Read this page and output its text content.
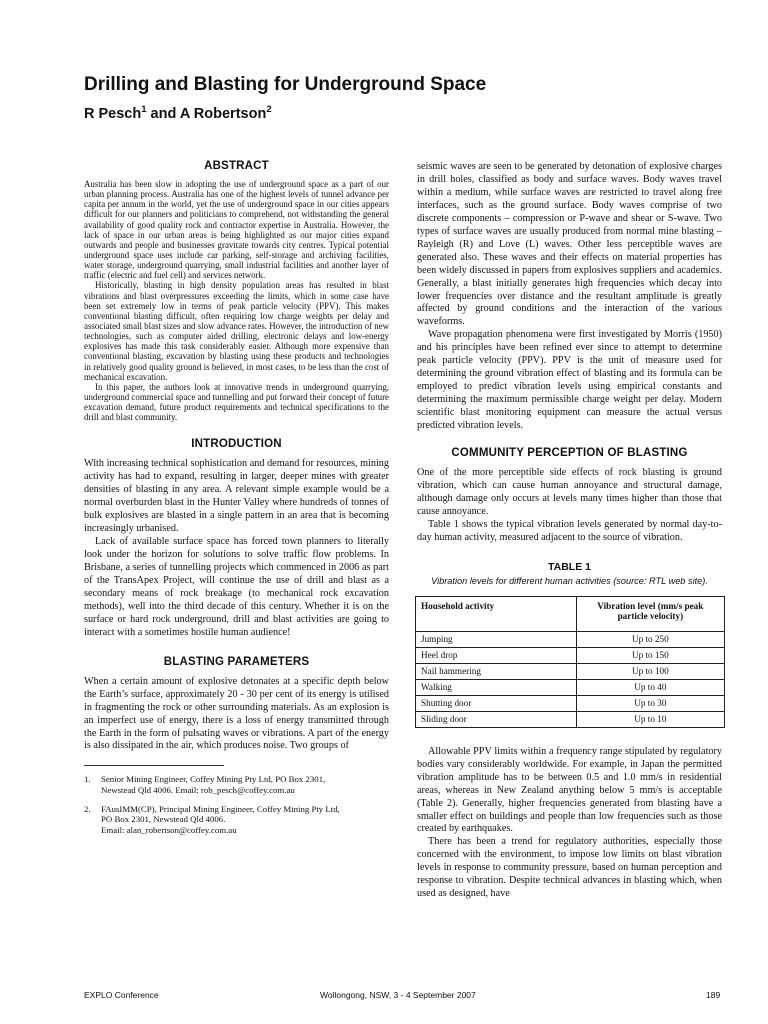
Drilling and Blasting for Underground Space
R Pesch$^1$ and A Robertson$^2$
ABSTRACT

Australia has been slow in adopting the use of underground space as a part of our urban planning process. Australia has one of the highest levels of tunnel advance per capita per annum in the world, yet the use of underground space in our cities appears difficult for our planners and politicians to comprehend, not withstanding the general availability of good quality rock and contractor expertise in Australia. However, the lack of space in our urban areas is being highlighted as our major cities expand outwards and people and businesses gravitate towards city centres. Typical potential underground space uses include car parking, self-storage and archiving facilities, water storage, underground quarrying, small industrial facilities and another layer of traffic (electric and fuel cell) and services network.

Historically, blasting in high density population areas has resulted in blast vibrations and blast overpressures exceeding the limits, which in some case have been set extremely low in terms of peak particle velocity (PPV). This makes conventional blasting difficult, often requiring low charge weights per delay and associated small blast sizes and slow advance rates. However, the introduction of new technologies, such as computer aided drilling, electronic delays and low-energy explosives has made this task considerably easier. Although more expensive than conventional blasting, excavation by blasting using these products and technologies in relatively good quality ground is believed, in most cases, to be less than the cost of mechanical excavation.

In this paper, the authors look at innovative trends in underground quarrying, underground commercial space and tunnelling and put forward their concept of future excavation demand, future product requirements and technical specifications to the drill and blast community.

INTRODUCTION

With increasing technical sophistication and demand for resources, mining activity has had to expand, resulting in larger, deeper mines with greater densities of blasting in any area. A relevant simple example would be a normal overburden blast in the Hunter Valley where hundreds of tonnes of bulk explosives are blasted in a single pattern in an area that is becoming increasingly urbanised.

Lack of available surface space has forced town planners to literally look under the horizon for solutions to solve traffic flow problems. In Brisbane, a series of tunnelling projects which commenced in 2006 as part of the TransApex Project, will continue the use of drill and blast as a secondary means of rock breakage (to mechanical rock excavation methods), well into the third decade of this century. Whether it is on the surface or hard rock underground, drill and blast activities are going to interact with a sometimes hostile human audience!

BLASTING PARAMETERS

When a certain amount of explosive detonates at a specific depth below the Earth’s surface, approximately 20 - 30 per cent of its energy is utilised in fragmenting the rock or other surrounding materials. As an explosion is an imperfect use of energy, there is a loss of energy transmitted through the Earth in the form of pulsating waves or vibrations. A part of the energy is also dissipated in the air, which produces noise. Two groups of

1.	Senior Mining Engineer, Coffey Mining Pty Ltd, PO Box 2301,
Newstead Qld 4006. Email: rob_pesch@coffey.com.au
2.	FAusIMM(CP), Principal Mining Engineer, Coffey Mining Pty Ltd,
PO Box 2301, Newstead Qld 4006.
Email: alan_robertson@coffey.com.au

seismic waves are seen to be generated by detonation of explosive charges in drill holes, classified as body and surface waves. Body waves travel within a medium, while surface waves are restricted to travel along free interfaces, such as the ground surface. Body waves comprise of two discrete components – compression or P-wave and shear or S-wave. Two types of surface waves are usually produced from normal mine blasting – Rayleigh (R) and Love (L) waves. Other less perceptible waves are generated also. These waves and their effects on material properties has been widely discussed in papers from explosives suppliers and academics. Generally, a blast initially generates high frequencies which decay into lower frequencies over distance and the resultant amplitude is greatly affected by ground conditions and the interaction of the various waveforms.

Wave propagation phenomena were first investigated by Morris (1950) and his principles have been refined ever since to attempt to determine peak particle velocity (PPV). PPV is the unit of measure used for determining the ground vibration effect of blasting and its formula can be employed to predict vibration levels using empirical constants and determining the maximum permissible charge weight per delay. Modern scientific blast monitoring equipment can measure the actual versus predicted vibration levels.

COMMUNITY PERCEPTION OF BLASTING

One of the more perceptible side effects of rock blasting is ground vibration, which can cause human annoyance and structural damage, although damage only occurs at levels many times higher than those that cause annoyance.

Table 1 shows the typical vibration levels generated by normal day-to-day human activity, measured adjacent to the source of vibration.

TABLE 1
Vibration levels for different human activities (source: RTL web site).
Household activity	Vibration level (mm/s peak particle velocity)
Jumping	Up to 250
Heel drop	Up to 150
Nail hammering	Up to 100
Walking	Up to 40
Shutting door	Up to 30
Sliding door	Up to 10

Allowable PPV limits within a frequency range stipulated by regulatory bodies vary considerably worldwide. For example, in Japan the permitted vibration amplitude has to be between 0.5 and 1.0 mm/s in residential areas, whereas in New Zealand anything below 5 mm/s is acceptable (Table 2). Generally, higher frequencies generated from blasting have a smaller effect on buildings and people than low frequencies such as those created by earthquakes.

There has been a trend for regulatory authorities, especially those concerned with the environment, to impose low limits on blast vibration levels in response to community pressure, based on human perception and response to vibration. Despite technical advances in blasting which, when used as designed, have

EXPLO Conference	Wollongong, NSW, 3 - 4 September 2007	189
